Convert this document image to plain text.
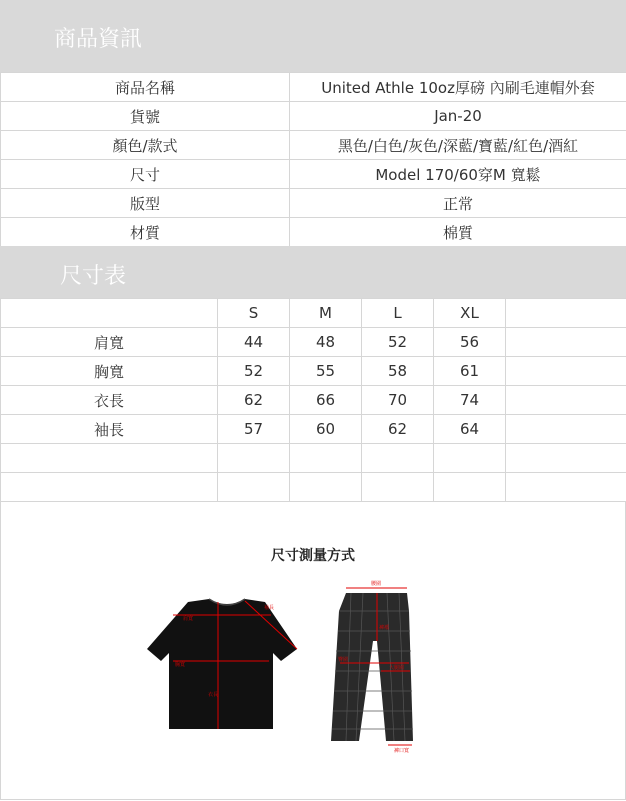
商品資訊
商品名稱	United Athle 10oz厚磅 內刷毛連帽外套
貨號	Jan-20
顏色/款式	黑色/白色/灰色/深藍/寶藍/紅色/酒紅
尺寸	Model 170/60穿M 寬鬆
版型	正常
材質	棉質
尺寸表
	S	M	L	XL	
肩寬	44	48	52	56	
胸寬	52	55	58	61	
衣長	62	66	70	74	
袖長	57	60	62	64	

尺寸測量方式
肩寬
袖長
胸寬
衣長
腰圍
褲襠
臀圍
大腿圍
褲口寬
